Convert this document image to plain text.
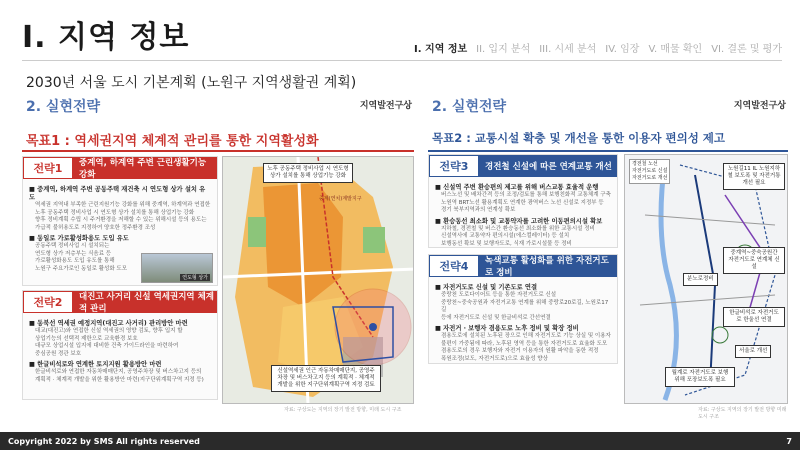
I. 지역 정보	I. 지역 정보 II. 입지 분석 III. 시세 분석 IV. 임장 V. 매물 확인 VI. 결론 및 평가
2030년 서울 도시 기본계획 (노원구 지역생활권 계획)
2. 실현전략	지역발전구상
목표1 : 역세권지역 체계적 관리를 통한 지역활성화
전략1	중계역, 하계역 주변 근린생활기능 강화
■ 중계역, 하계역 주변 공동주택 재건축 시 연도형 상가 설치 유도
역세권 지역내 부족한 근린지원기능 강화를 위해 중계역, 하계역과 연접한
노후 공동주택 정비사업 시 연도형 상가 설치를 통해 상업기능 강화
향후 정비계획 수립 시 주거환경을 저해할 수 있는 위해시설 등의 용도는
가급적 불허용도로 지정하여 양호한 정주환경 조성
■ 동일로 가로활성화용도 도입 유도
공동주택 정비사업 시 설치되는
연도형 상가 저층부는 식음료 등
가로활성화용도 도입 유도를 통해
노원구 주요가로인 동일로 활성화 도모
연도형 상가
전략2	대진고 사거리 신설 역세권지역 체계적 관리
■ 동북선 역세권 예정지역(대진고 사거리) 관리방안 마련
대교(대진고)와 연접한 신설 역세권의 영향 검토, 향후 입지 할
상업기능의 선택적 제한으로 교육환경 보호
대규모 상업시설 입지에 대비한 건축 가이드라인을 마련하여
중심공원 경관 보호
■ 한글비석로와 연계한 토지지원 활용방안 마련
한글비석로와 연접한 자동차매매단지, 공영주차장 및 버스차고지 등의
계획적 · 체계적 개발을 위한 활용방안 마련(지구단위계획구역 지정 등)
노후 공동주택 정비사업 시 연도형 상가 설치를 통해 상업기능 강화
중계(연치)계발지구
신설역세권 인근 자동차매매단지, 공영주차장 및 버스차고지 등의 계획적 · 체계적 개발을 위한 지구단위계획구역 지정 검토
자료: 구상도는 지역의 장기 발전 방향, 미래 도시 구조
2. 실현전략	지역발전구상
목표2 : 교통시설 확충 및 개선을 통한 이용자 편의성 제고
전략3	경전철 신설에 따른 연계교통 개선
■ 신설역 주변 환승편의 제고를 위해 버스교통 효율적 운행
버스노선 및 배차간격 등의 조정/검토를 통해 보행친화적 교통체계 구축
노원역 BRT노선 활용계획도 연계한 광역버스 노선 신설로 지정부 등
경기 북부지역과의 연계성 확보
■ 환승동선 최소화 및 교통약자를 고려한 이동편의시설 확보
지하철, 경전철 및 버스간 환승동선 최소화를 위한 교통시설 정비
신설역사에 교통약자 편의시설(에스컬레이터) 등 설치
보행동선 확보 및 보행자도로, 식재 가로시설물 등 정비
전략4	녹색교통 활성화를 위한 자전거도로 정비
■ 자전거도로 신설 및 기존도로 연결
중랑천 도로다이어트 등을 통한 자전거도로 신설
중랑천~중숙공원과 자전거교통 연계를 위해 중랑로20로길, 노원로17길
등에 자전거도로 신설 및 한글비석로 간선연결
■ 자전거 · 보행자 겸용도로 노후 정비 및 확장 정비
겸용도로에 설치된 노후된 장으로 인해 자전거도로 기능 상실 및 이용자
불편이 가중됨에 따라, 노후된 영역 등을 통한 자전거도로 효율화 도모
겸용도로의 경우 보행자와 자전거 이용자의 원활 파악을 동한 적정
폭원조정(보도, 자전거도로)으로 효율성 향상
경전철 노선
자전거도로 신설
자전거도로 개선
노원길11 IL 노원지하철 보도폭 및 자전거통 개선 필요
중계역~중숙공원간 자전거도로 연계체 신설
한글비석로 자전거도로 한울선 연결
월계로 자전거도로 보행 위해 포장보도폭 필요
서울로 개선
분노로정비
자료: 구상도 지역의 장기 발전 방향 미래도시 구조
Copyright 2022 by SMS All rights reserved	7
